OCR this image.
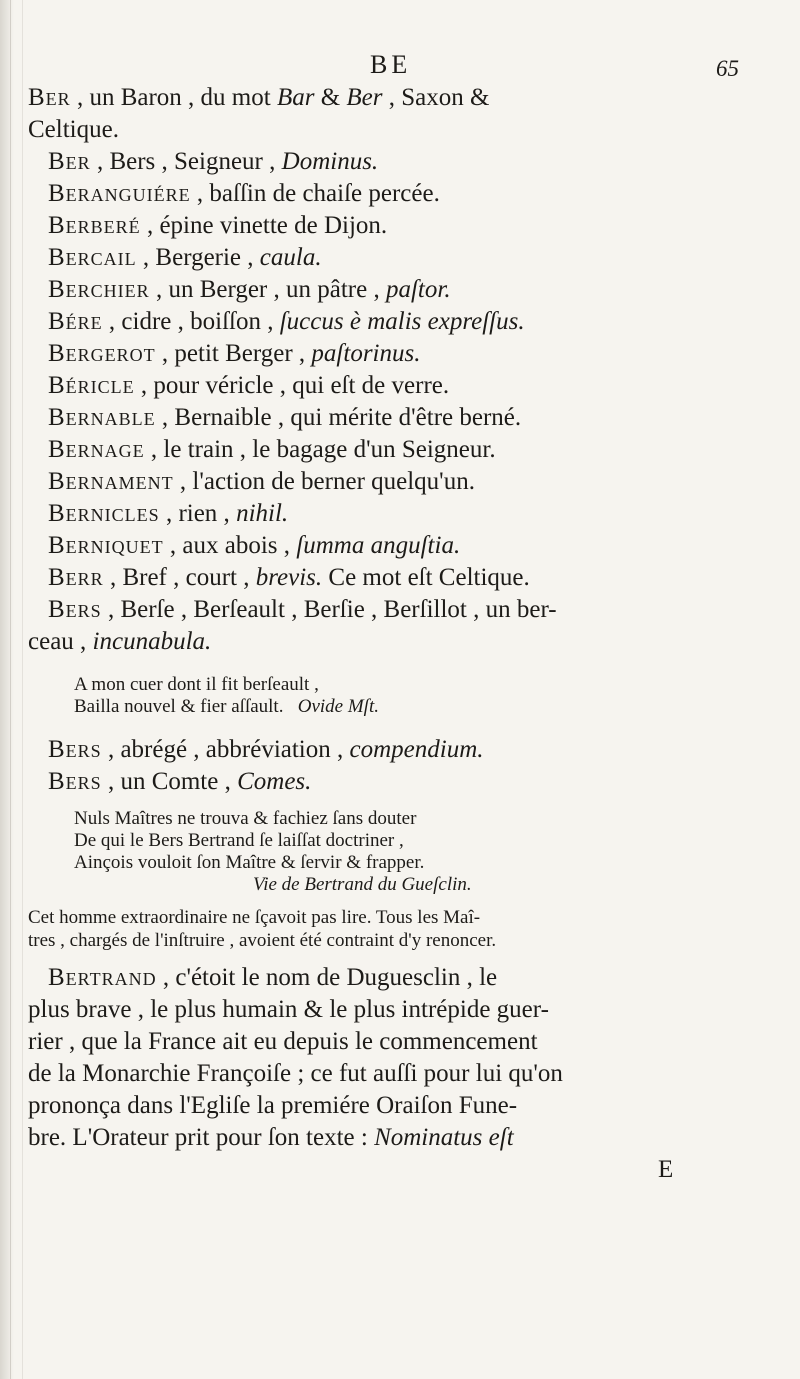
BE	65
Ber , un Baron , du mot Bar & Ber , Saxon &
Celtique.
Ber , Bers , Seigneur , Dominus.
Beranguiére , baſſin de chaiſe percée.
Berberé , épine vinette de Dijon.
Bercail , Bergerie , caula.
Berchier , un Berger , un pâtre , paſtor.
Bére , cidre , boiſſon , ſuccus è malis expreſſus.
Bergerot , petit Berger , paſtorinus.
Béricle , pour véricle , qui eſt de verre.
Bernable , Bernaible , qui mérite d'être berné.
Bernage , le train , le bagage d'un Seigneur.
Bernament , l'action de berner quelqu'un.
Bernicles , rien , nihil.
Berniquet , aux abois , ſumma anguſtia.
Berr , Bref , court , brevis. Ce mot eſt Celtique.
Bers , Berſe , Berſeault , Berſie , Berſillot , un ber-
ceau , incunabula.
A mon cuer dont il fit berſeault ,
Bailla nouvel & fier aſſault. Ovide Mſt.
Bers , abrégé , abbréviation , compendium.
Bers , un Comte , Comes.
Nuls Maîtres ne trouva & fachiez ſans douter
De qui le Bers Bertrand ſe laiſſat doctriner ,
Ainçois vouloit ſon Maître & ſervir & frapper.
Vie de Bertrand du Gueſclin.
Cet homme extraordinaire ne ſçavoit pas lire. Tous les Maî-
tres , chargés de l'inſtruire , avoient été contraint d'y renoncer.
Bertrand , c'étoit le nom de Duguesclin , le
plus brave , le plus humain & le plus intrépide guer-
rier , que la France ait eu depuis le commencement
de la Monarchie Françoiſe ; ce fut auſſi pour lui qu'on
prononça dans l'Egliſe la premiére Oraiſon Fune-
bre. L'Orateur prit pour ſon texte : Nominatus eſt
E
